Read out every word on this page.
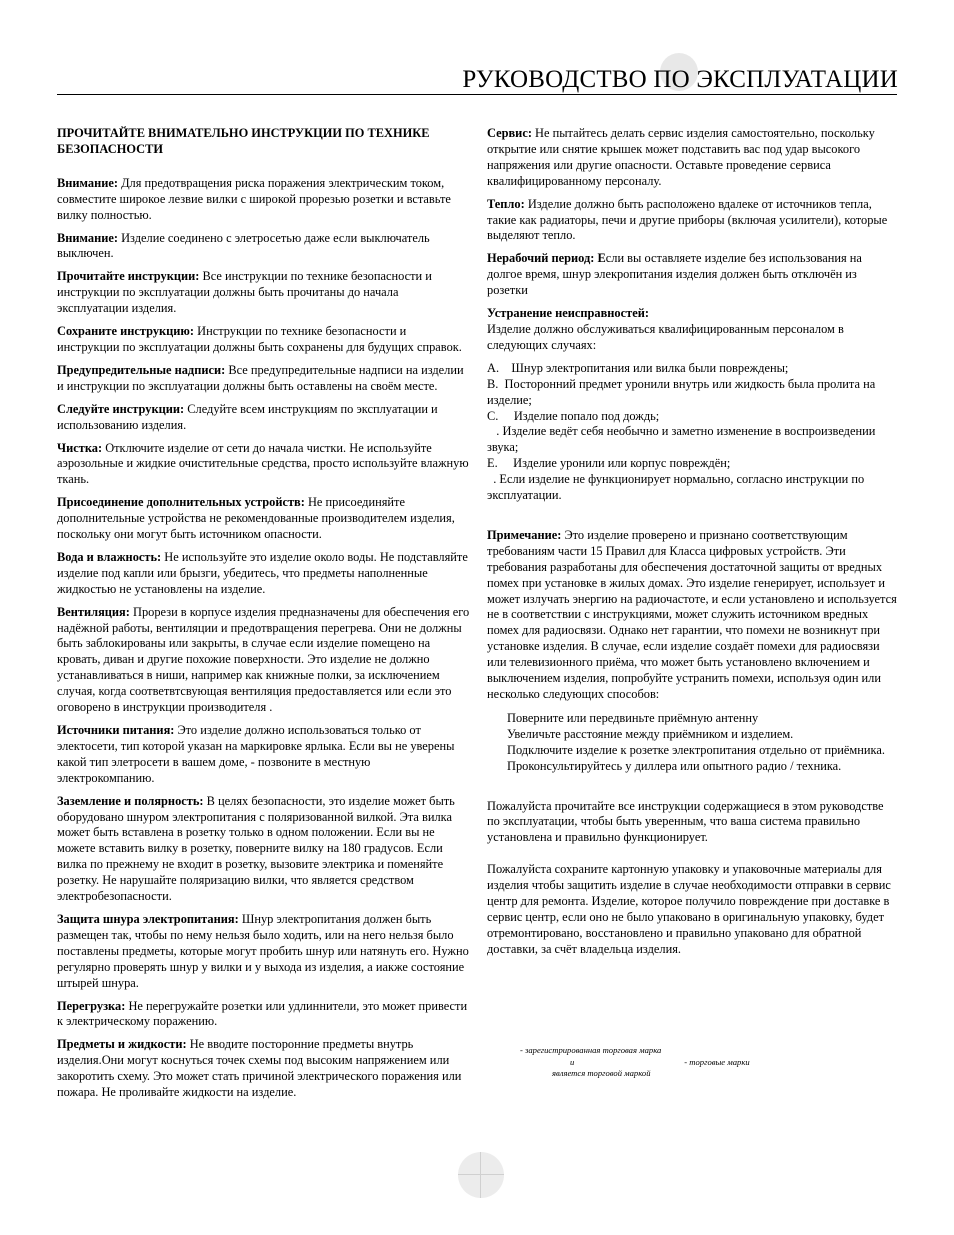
РУКОВОДСТВО ПО ЭКСПЛУАТАЦИИ

ПРОЧИТАЙТЕ ВНИМАТЕЛЬНО ИНСТРУКЦИИ ПО ТЕХНИКЕ БЕЗОПАСНОСТИ

Внимание: Для предотвращения риска поражения электрическим током, совместите широкое лезвие вилки с широкой прорезью розетки и вставьте вилку полностью.

Внимание: Изделие соединено с элетросетью даже если выключатель выключен.

Прочитайте инструкции: Все инструкции по технике безопасности и инструкции по эксплуатации должны быть прочитаны до начала эксплуатации изделия.

Сохраните инструкцию: Инструкции по технике безопасности и инструкции по эксплуатации должны быть сохранены для будущих справок.

Предупредительные надписи: Все предупредительные надписи на изделии и инструкции по эксплуатации должны быть оставлены на своём месте.

Следуйте инструкции: Следуйте всем инструкциям по эксплуатации и использованию изделия.

Чистка: Отключите изделие от сети до начала чистки. Не используйте аэрозольные и жидкие очистительные средства, просто используйте влажную ткань.

Присоединение дополнительных устройств: Не присоединяйте дополнительные устройства не рекомендованные производителем изделия, поскольку они могут быть источником опасности.

Вода и влажность: Не используйте это изделие около воды. Не подставляйте изделие под капли или брызги, убедитесь, что предметы наполненные жидкостью не установлены на изделие.

Вентиляция: Прорези в корпусе изделия предназначены для обеспечения его надёжной работы, вентиляции и предотвращения перегрева. Они не должны быть заблокированы или закрыты, в случае если изделие помещено на кровать, диван и другие похожие поверхности. Это изделие не должно устанавливаться в ниши, например как книжные полки, за исключением случая, когда соответвтсвующая вентиляция предоставляется или если это оговорено в инструкции производителя .

Источники питания: Это изделие должно использоваться только от электосети, тип которой указан на маркировке ярлыка. Если вы не уверены какой тип элетросети в вашем доме, - позвоните в местную электрокомпанию.

Заземление и полярность: В целях безопасности, это изделие может быть оборудовано шнуром электропитания с поляризованной вилкой. Эта вилка может быть вставлена в розетку только в одном положении. Если вы не можете вставить вилку в розетку, поверните вилку на 180 градусов. Если вилка по прежнему не входит в розетку, вызовите электрика и поменяйте розетку. Не нарушайте поляризацию вилки, что является средством электробезопасности.

Защита шнура электропитания: Шнур электропитания должен быть размещен так, чтобы по нему нельзя было ходить, или на него нельзя было поставлены предметы, которые могут пробить шнур или натянуть его. Нужно регулярно проверять шнур у вилки и у выхода из изделия, а иакже состояние штырей шнура.

Перегрузка: Не перегружайте розетки или удлиннители, это может привести к электрическому поражению.

Предметы и жидкости: Не вводите посторонние предметы внутрь изделия.Они могут коснуться точек схемы под высоким напряжением или закоротить схему. Это может стать причиной электрического поражения или пожара. Не проливайте жидкости на изделие.

Сервис: Не пытайтесь делать сервис изделия самостоятельно, поскольку открытие или снятие крышек может подставить вас под удар высокого напряжения или другие опасности. Оставьте проведение сервиса квалифицированному персоналу.

Тепло: Изделие должно быть расположено вдалеке от источников тепла, такие как радиаторы, печи и другие приборы (включая усилители), которые выделяют тепло.

Нерабочий период: Если вы оставляете изделие без использования на долгое время, шнур элекропитания изделия должен быть отключён из розетки

Устранение неисправностей:
Изделие должно обслуживаться квалифицированным персоналом в следующих случаях:
A.    Шнур электропитания или вилка были повреждены;
B.  Посторонний предмет уронили внутрь или жидкость была пролита на изделие;
C.     Изделие попало под дождь;
. Изделие ведёт себя необычно и заметно изменение в воспроизведении звука;
E.     Изделие уронили или корпус повреждён;
. Если изделие не функционирует нормально, согласно инструкции по эксплуатации.

Примечание: Это изделие проверено и признано соответствующим требованиям части 15 Правил для Класса цифровых устройств. Эти требования разработаны для обеспечения достаточной защиты от вредных помех при установке в жилых домах. Это изделие генерирует, использует и может излучать энергию на радиочастоте, и если установлено и используется не в соответствии с инструкциями, может служить источником вредных помех для радиосвязи. Однако нет гарантии, что помехи не возникнут при установке изделия. В случае, если изделие создаёт помехи для радиосвязи или телевизионного приёма, что может быть установлено включением и выключением изделия, попробуйте устранить помехи, используя один или несколько следующих способов:

Поверните или передвиньте приёмную антенну
Увеличьте расстояние между приёмником и изделием.
Подключите изделие к розетке электропитания отдельно от приёмника.
Проконсультируйтесь у диллера или опытного радио / техника.

Пожалуйста прочитайте все инструкции содержащиеся в этом руководстве по эксплуатации, чтобы быть уверенным, что ваша система правильно установлена и правильно функционирует.

Пожалуйста сохраните картонную упаковку и упаковочные материалы для изделия чтобы защитить изделие в случае необходимости отправки в сервис центр для ремонта. Изделие, которое получило повреждение при доставке в сервис центр, если оно не было упаковано в оригинальную упаковку, будет отремонтировано, восстановлено и правильно упаковано для обратной доставки, за счёт владельца изделия.

- зарегистрированная торговая марка
и	- торговые марки
является торговой маркой
